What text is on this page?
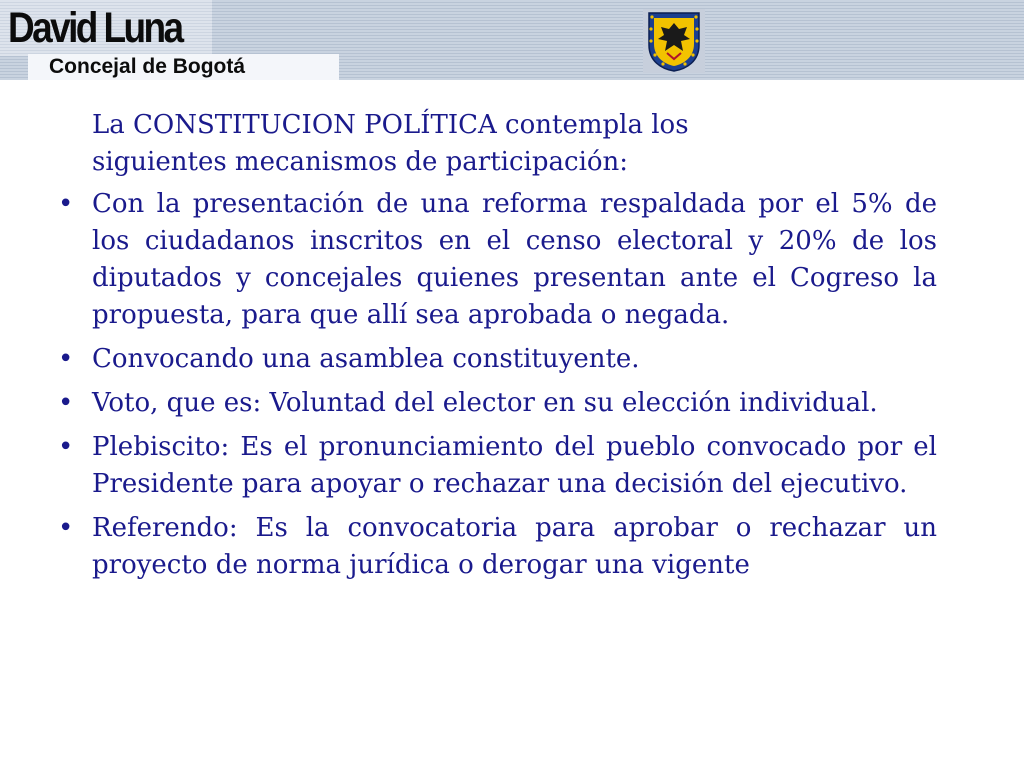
David Luna
Concejal de Bogotá
La CONSTITUCION POLÍTICA contempla los siguientes mecanismos de participación:
• Con la presentación de una reforma respaldada por el 5% de los ciudadanos inscritos en el censo electoral y 20% de los diputados y concejales quienes presentan ante el Cogreso la propuesta, para que allí sea aprobada o negada.
• Convocando una asamblea constituyente.
• Voto, que es: Voluntad del elector en su elección individual.
• Plebiscito: Es el pronunciamiento del pueblo convocado por el Presidente para apoyar o rechazar una decisión del ejecutivo.
• Referendo: Es la convocatoria para aprobar o rechazar un proyecto de norma jurídica o derogar una vigente
